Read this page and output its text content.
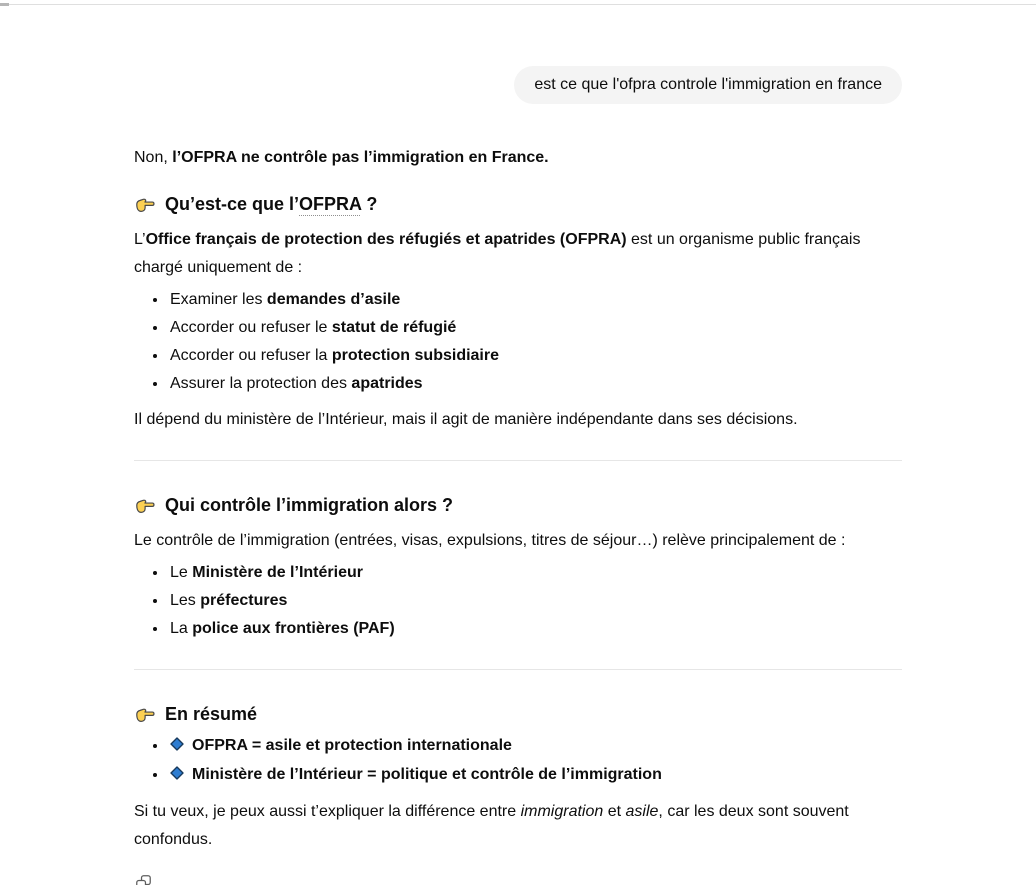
est ce que l'ofpra controle l'immigration en france

Non, l’OFPRA ne contrôle pas l’immigration en France.

Qu’est-ce que l’OFPRA ?

L’Office français de protection des réfugiés et apatrides (OFPRA) est un organisme public français chargé uniquement de :

• Examiner les demandes d’asile
• Accorder ou refuser le statut de réfugié
• Accorder ou refuser la protection subsidiaire
• Assurer la protection des apatrides

Il dépend du ministère de l’Intérieur, mais il agit de manière indépendante dans ses décisions.

Qui contrôle l’immigration alors ?

Le contrôle de l’immigration (entrées, visas, expulsions, titres de séjour…) relève principalement de :

• Le Ministère de l’Intérieur
• Les préfectures
• La police aux frontières (PAF)
En résumé
• OFPRA = asile et protection internationale
• Ministère de l’Intérieur = politique et contrôle de l’immigration

Si tu veux, je peux aussi t’expliquer la différence entre immigration et asile, car les deux sont souvent confondus.
